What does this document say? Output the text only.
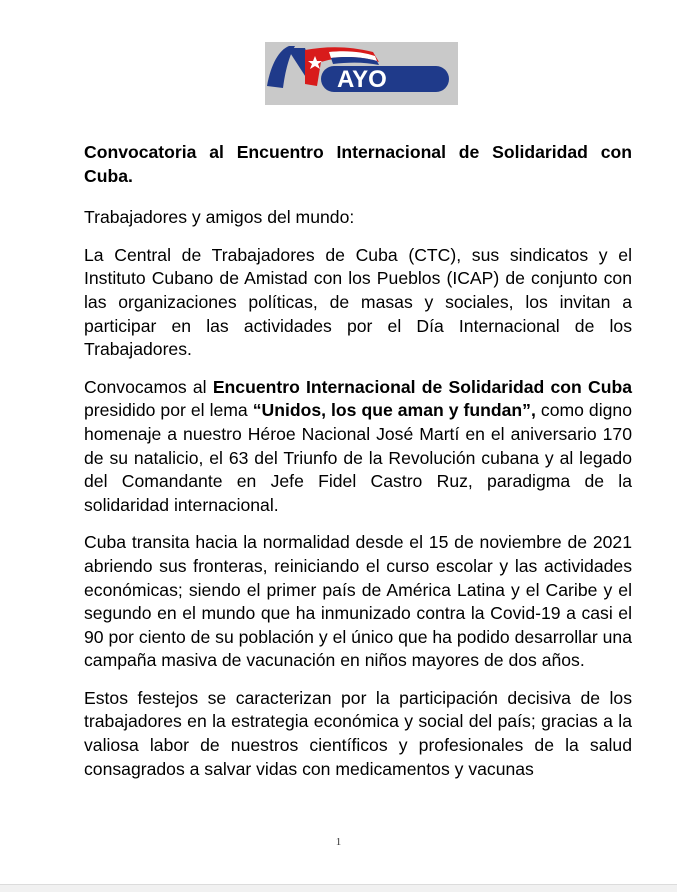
AYO

Convocatoria al Encuentro Internacional de Solidaridad con Cuba.

Trabajadores y amigos del mundo:

La Central de Trabajadores de Cuba (CTC), sus sindicatos y el Instituto Cubano de Amistad con los Pueblos (ICAP) de conjunto con las organizaciones políticas, de masas y sociales, los invitan a participar en las actividades por el Día Internacional de los Trabajadores.

Convocamos al Encuentro Internacional de Solidaridad con Cuba presidido por el lema “Unidos, los que aman y fundan”, como digno homenaje a nuestro Héroe Nacional José Martí en el aniversario 170 de su natalicio, el 63 del Triunfo de la Revolución cubana y al legado del Comandante en Jefe Fidel Castro Ruz, paradigma de la solidaridad internacional.

Cuba transita hacia la normalidad desde el 15 de noviembre de 2021 abriendo sus fronteras, reiniciando el curso escolar y las actividades económicas; siendo el primer país de América Latina y el Caribe y el segundo en el mundo que ha inmunizado contra la Covid-19 a casi el 90 por ciento de su población y el único que ha podido desarrollar una campaña masiva de vacunación en niños mayores de dos años.

Estos festejos se caracterizan por la participación decisiva de los trabajadores en la estrategia económica y social del país; gracias a la valiosa labor de nuestros científicos y profesionales de la salud consagrados a salvar vidas con medicamentos y vacunas

1
